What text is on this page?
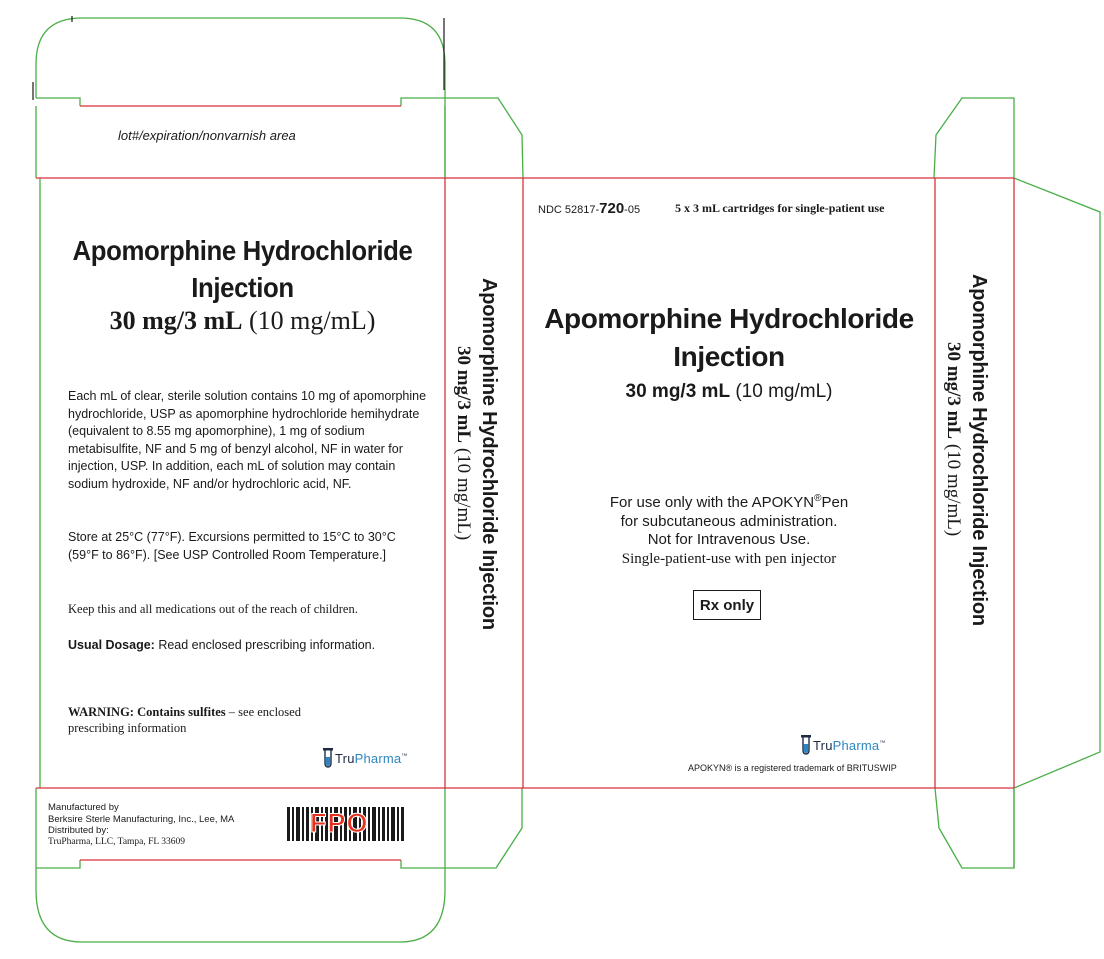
lot#/expiration/nonvarnish area

Apomorphine Hydrochloride
Injection
30 mg/3 mL (10 mg/mL)

Each mL of clear, sterile solution contains 10 mg of apomorphine hydrochloride, USP as apomorphine hydrochloride hemihydrate (equivalent to 8.55 mg apomorphine), 1 mg of sodium metabisulfite, NF and 5 mg of benzyl alcohol, NF in water for injection, USP. In addition, each mL of solution may contain sodium hydroxide, NF and/or hydrochloric acid, NF.

Store at 25°C (77°F). Excursions permitted to 15°C to 30°C (59°F to 86°F). [See USP Controlled Room Temperature.]

Keep this and all medications out of the reach of children.

Usual Dosage: Read enclosed prescribing information.

WARNING: Contains sulfites – see enclosed prescribing information

TruPharma™
Manufactured by
Berksire Sterle Manufacturing, Inc., Lee, MA
Distributed by:
TruPharma, LLC, Tampa, FL 33609
FPO
Apomorphine Hydrochloride Injection
30 mg/3 mL (10 mg/mL)

NDC 52817-720-05	5 x 3 mL cartridges for single-patient use

Apomorphine Hydrochloride
Injection
30 mg/3 mL (10 mg/mL)
For use only with the APOKYN®Pen
for subcutaneous administration.
Not for Intravenous Use.
Single-patient-use with pen injector
Rx only
TruPharma™

APOKYN® is a registered trademark of BRITUSWIP

Apomorphine Hydrochloride Injection
30 mg/3 mL (10 mg/mL)
